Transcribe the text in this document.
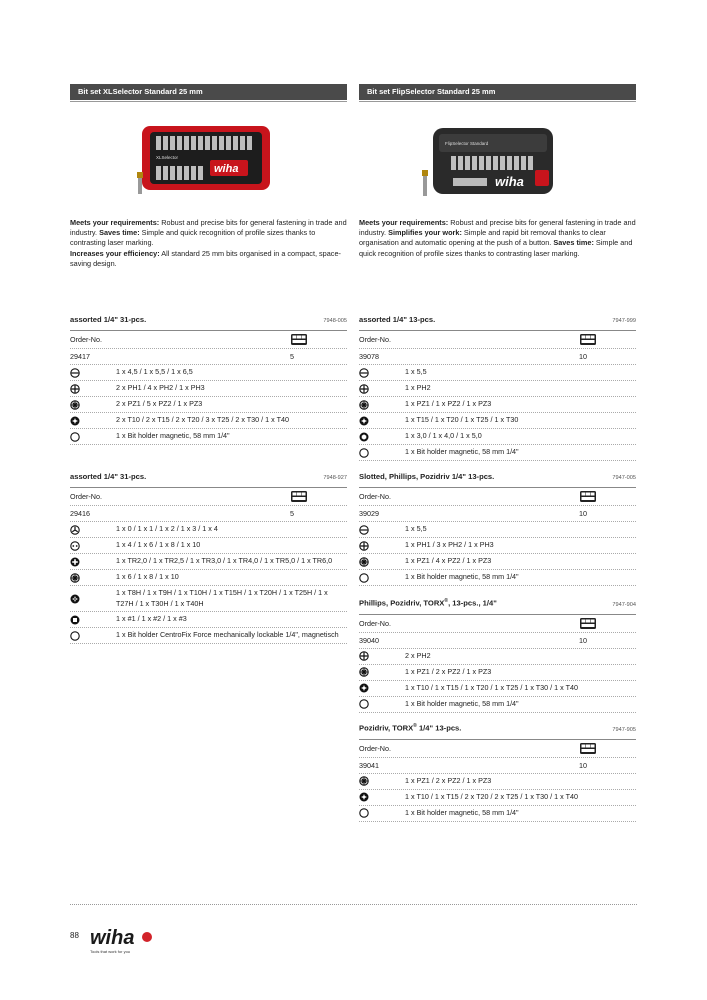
Bit set XLSelector Standard 25 mm
wiha
XLSelector
Meets your requirements: Robust and precise bits for general fastening in trade and industry. Saves time: Simple and quick recognition of profile sizes thanks to contrasting laser marking.
Increases your efficiency: All standard 25 mm bits organised in a compact, space-saving design.
Bit set FlipSelector Standard 25 mm
wiha
FlipSelector Standard
Meets your requirements: Robust and precise bits for general fastening in trade and industry. Simplifies your work: Simple and rapid bit removal thanks to clear organisation and automatic opening at the push of a button. Saves time: Simple and quick recognition of profile sizes thanks to contrasting laser marking.
assorted 1/4" 31-pcs.	7948-005
Order-No.
29417	5
1 x 4,5 / 1 x 5,5 / 1 x 6,5
2 x PH1 / 4 x PH2 / 1 x PH3
2 x PZ1 / 5 x PZ2 / 1 x PZ3
2 x T10 / 2 x T15 / 2 x T20 / 3 x T25 / 2 x T30 / 1 x T40
1 x Bit holder magnetic, 58 mm 1/4"
assorted 1/4" 31-pcs.	7948-927
Order-No.
29416	5
1 x 0 / 1 x 1 / 1 x 2 / 1 x 3 / 1 x 4
1 x 4 / 1 x 6 / 1 x 8 / 1 x 10
1 x TR2,0 / 1 x TR2,5 / 1 x TR3,0 / 1 x TR4,0 / 1 x TR5,0 / 1 x TR6,0
1 x 6 / 1 x 8 / 1 x 10
1 x T8H / 1 x T9H / 1 x T10H / 1 x T15H / 1 x T20H / 1 x T25H / 1 x T27H / 1 x T30H / 1 x T40H
1 x #1 / 1 x #2 / 1 x #3
1 x Bit holder CentroFix Force mechanically lockable 1/4", magnetisch
assorted 1/4" 13-pcs.	7947-999
Order-No.
39078	10
1 x 5,5
1 x PH2
1 x PZ1 / 1 x PZ2 / 1 x PZ3
1 x T15 / 1 x T20 / 1 x T25 / 1 x T30
1 x 3,0 / 1 x 4,0 / 1 x 5,0
1 x Bit holder magnetic, 58 mm 1/4"
Slotted, Phillips, Pozidriv 1/4" 13-pcs.	7947-005
Order-No.
39029	10
1 x 5,5
1 x PH1 / 3 x PH2 / 1 x PH3
1 x PZ1 / 4 x PZ2 / 1 x PZ3
1 x Bit holder magnetic, 58 mm 1/4"
Phillips, Pozidriv, TORX®, 13-pcs., 1/4"	7947-904
Order-No.
39040	10
2 x PH2
1 x PZ1 / 2 x PZ2 / 1 x PZ3
1 x T10 / 1 x T15 / 1 x T20 / 1 x T25 / 1 x T30 / 1 x T40
1 x Bit holder magnetic, 58 mm 1/4"
Pozidriv, TORX® 1/4" 13-pcs.	7947-905
Order-No.
39041	10
1 x PZ1 / 2 x PZ2 / 1 x PZ3
1 x T10 / 1 x T15 / 2 x T20 / 2 x T25 / 1 x T30 / 1 x T40
1 x Bit holder magnetic, 58 mm 1/4"
88 wiha
Tools that work for you
